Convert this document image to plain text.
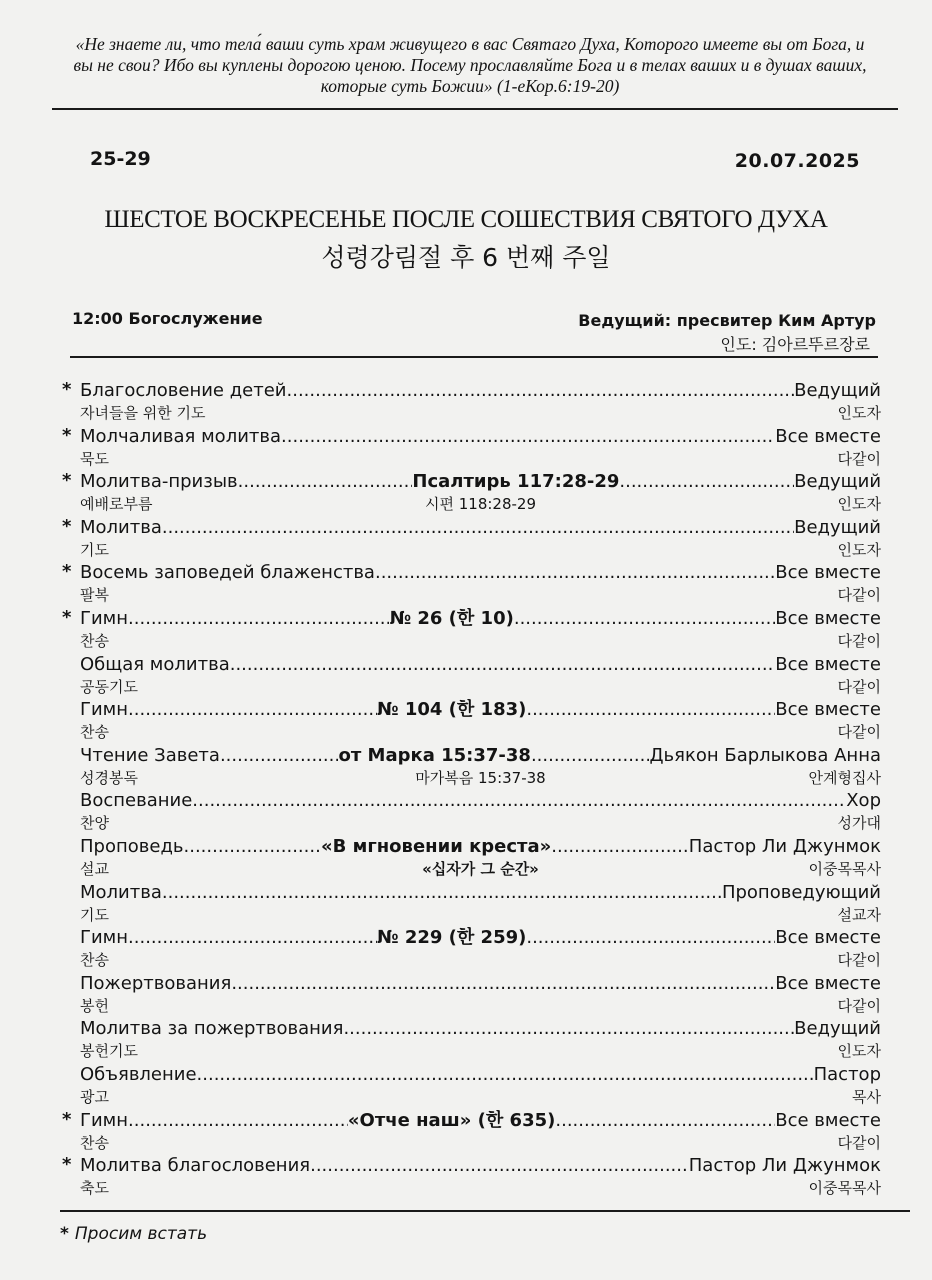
«Не знаете ли, что тела́ ваши суть храм живущего в вас Святаго Духа, Которого имеете вы от Бога, и вы не свои? Ибо вы куплены дорогою ценою. Посему прославляйте Бога и в телах ваших и в душах ваших, которые суть Божии» (1-еКор.6:19-20)
25-29	20.07.2025
ШЕСТОЕ ВОСКРЕСЕНЬЕ ПОСЛЕ СОШЕСТВИЯ СВЯТОГО ДУХА
성령강림절 후 6 번째 주일
12:00 Богослужение	Ведущий: пресвитер Ким Артур
인도: 김아르뚜르장로
* Благословение детей .....	Ведущий
자녀들을 위한 기도	인도자
* Молчаливая молитва .....	Все вместе
묵도	다같이
* Молитва-призыв .....	Псалтирь 117:28-29 .....	Ведущий
예배로부름	시편 118:28-29	인도자
* Молитва .....	Ведущий
기도	인도자
* Восемь заповедей блаженства .....	Все вместе
팔복	다같이
* Гимн .....	№ 26 (한 10) .....	Все вместе
찬송	다같이
Общая молитва .....	Все вместе
공동기도	다같이
Гимн .....	№ 104 (한 183) .....	Все вместе
찬송	다같이
Чтение Завета .....	от Марка 15:37-38 .....	Дьякон Барлыкова Анна
성경봉독	마가복음 15:37-38	안계형집사
Воспевание .....	Хор
찬양	성가대
Проповедь .....	«В мгновении креста» .....	Пастор Ли Джунмок
설교	«십자가 그 순간»	이중목목사
Молитва .....	Проповедующий
기도	설교자
Гимн .....	№ 229 (한 259) .....	Все вместе
찬송	다같이
Пожертвования .....	Все вместе
봉헌	다같이
Молитва за пожертвования .....	Ведущий
봉헌기도	인도자
Объявление .....	Пастор
광고	목사
* Гимн .....	«Отче наш» (한 635) .....	Все вместе
찬송	다같이
* Молитва благословения .....	Пастор Ли Джунмок
축도	이중목목사
* Просим встать
